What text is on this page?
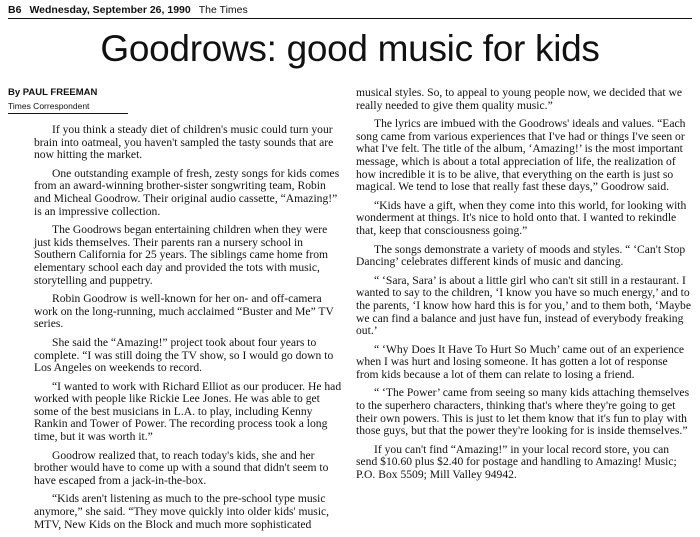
B6 Wednesday, September 26, 1990 The Times
Goodrows: good music for kids
By PAUL FREEMAN
Times Correspondent

If you think a steady diet of children's music could turn your brain into oatmeal, you haven't sampled the tasty sounds that are now hitting the market.

One outstanding example of fresh, zesty songs for kids comes from an award-winning brother-sister songwriting team, Robin and Micheal Goodrow. Their original audio cassette, “Amazing!” is an impressive collection.

The Goodrows began entertaining children when they were just kids themselves. Their parents ran a nursery school in Southern California for 25 years. The siblings came home from elementary school each day and provided the tots with music, storytelling and puppetry.

Robin Goodrow is well-known for her on- and off-camera work on the long-running, much acclaimed “Buster and Me” TV series.

She said the “Amazing!” project took about four years to complete. “I was still doing the TV show, so I would go down to Los Angeles on weekends to record.

“I wanted to work with Richard Elliot as our producer. He had worked with people like Rickie Lee Jones. He was able to get some of the best musicians in L.A. to play, including Kenny Rankin and Tower of Power. The recording process took a long time, but it was worth it.”

Goodrow realized that, to reach today's kids, she and her brother would have to come up with a sound that didn't seem to have escaped from a jack-in-the-box.

“Kids aren't listening as much to the pre-school type music anymore,” she said. “They move quickly into older kids' music, MTV, New Kids on the Block and much more sophisticated

musical styles. So, to appeal to young people now, we decided that we really needed to give them quality music.”

The lyrics are imbued with the Goodrows' ideals and values. “Each song came from various experiences that I've had or things I've seen or what I've felt. The title of the album, ‘Amazing!’ is the most important message, which is about a total appreciation of life, the realization of how incredible it is to be alive, that everything on the earth is just so magical. We tend to lose that really fast these days,” Goodrow said.

“Kids have a gift, when they come into this world, for looking with wonderment at things. It's nice to hold onto that. I wanted to rekindle that, keep that consciousness going.”

The songs demonstrate a variety of moods and styles. “ ‘Can't Stop Dancing’ celebrates different kinds of music and dancing.

“ ‘Sara, Sara’ is about a little girl who can't sit still in a restaurant. I wanted to say to the children, ‘I know you have so much energy,’ and to the parents, ‘I know how hard this is for you,’ and to them both, ‘Maybe we can find a balance and just have fun, instead of everybody freaking out.’

“ ‘Why Does It Have To Hurt So Much’ came out of an experience when I was hurt and losing someone. It has gotten a lot of response from kids because a lot of them can relate to losing a friend.

“ ‘The Power’ came from seeing so many kids attaching themselves to the superhero characters, thinking that's where they're going to get their own powers. This is just to let them know that it's fun to play with those guys, but that the power they're looking for is inside themselves.”

If you can't find “Amazing!” in your local record store, you can send $10.60 plus $2.40 for postage and handling to Amazing! Music; P.O. Box 5509; Mill Valley 94942.
